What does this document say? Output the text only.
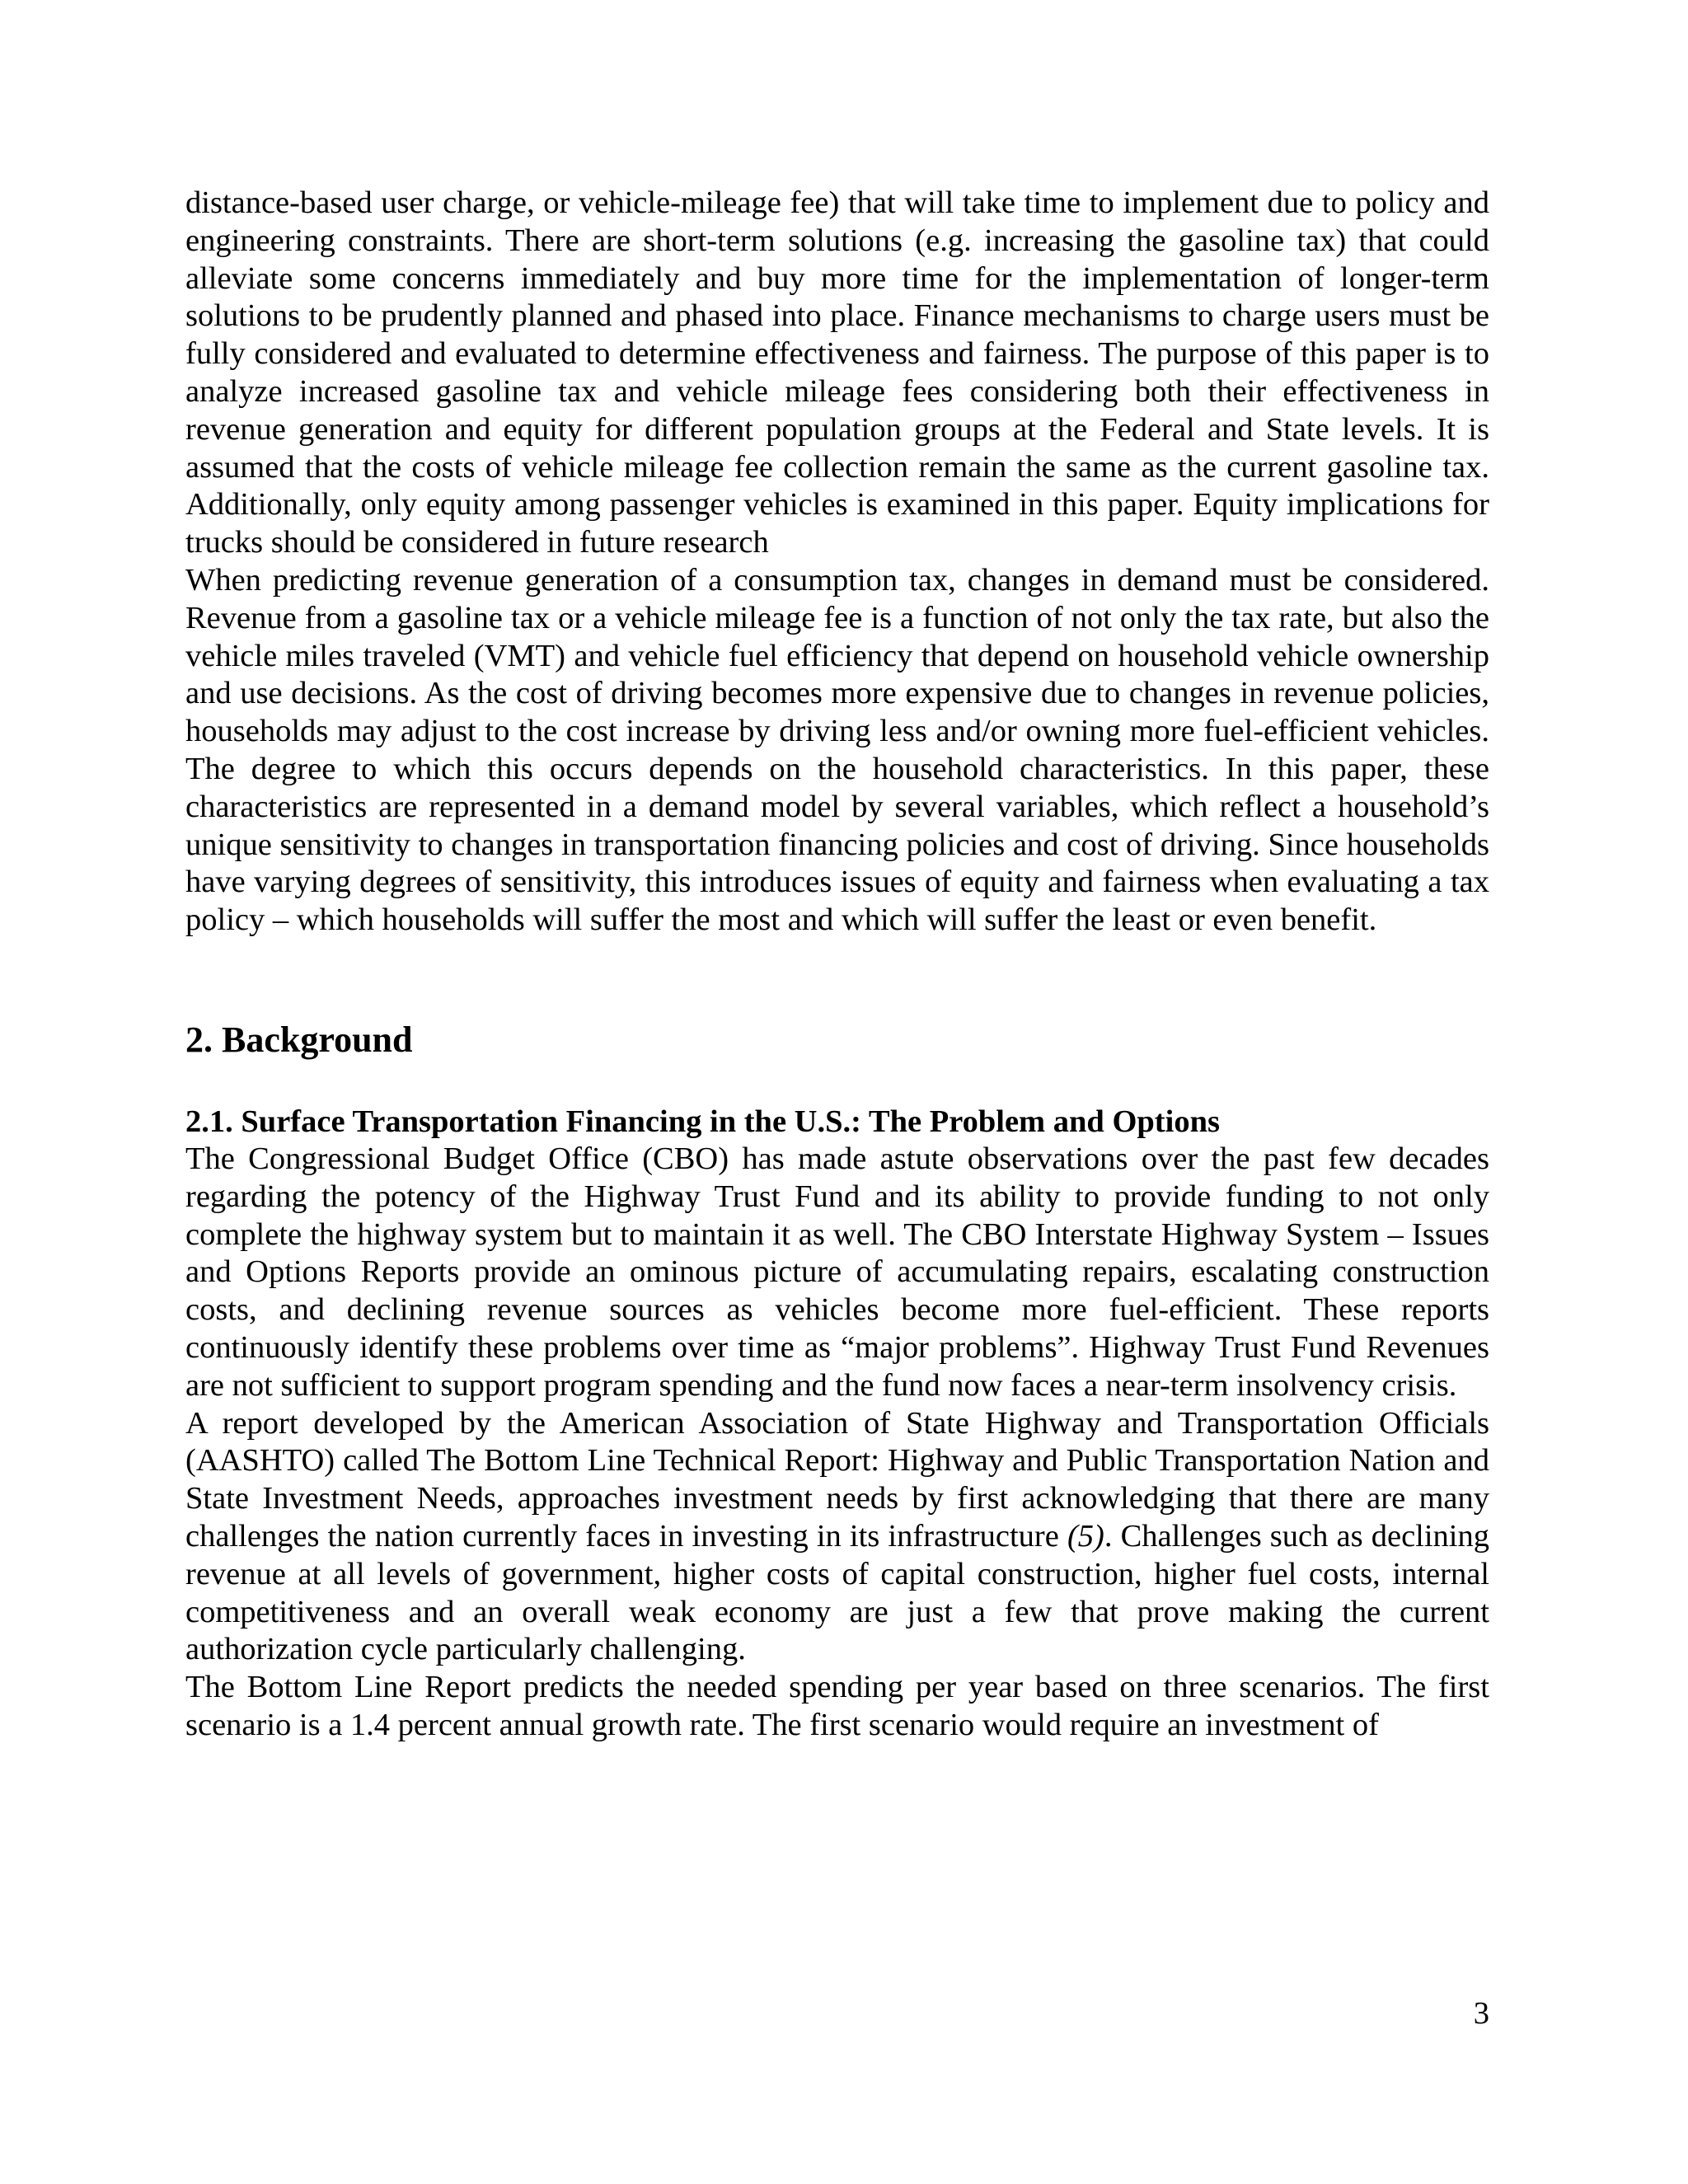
distance-based user charge, or vehicle-mileage fee) that will take time to implement due to policy and engineering constraints. There are short-term solutions (e.g. increasing the gasoline tax) that could alleviate some concerns immediately and buy more time for the implementation of longer-term solutions to be prudently planned and phased into place. Finance mechanisms to charge users must be fully considered and evaluated to determine effectiveness and fairness. The purpose of this paper is to analyze increased gasoline tax and vehicle mileage fees considering both their effectiveness in revenue generation and equity for different population groups at the Federal and State levels. It is assumed that the costs of vehicle mileage fee collection remain the same as the current gasoline tax. Additionally, only equity among passenger vehicles is examined in this paper. Equity implications for trucks should be considered in future research

When predicting revenue generation of a consumption tax, changes in demand must be considered. Revenue from a gasoline tax or a vehicle mileage fee is a function of not only the tax rate, but also the vehicle miles traveled (VMT) and vehicle fuel efficiency that depend on household vehicle ownership and use decisions. As the cost of driving becomes more expensive due to changes in revenue policies, households may adjust to the cost increase by driving less and/or owning more fuel-efficient vehicles. The degree to which this occurs depends on the household characteristics. In this paper, these characteristics are represented in a demand model by several variables, which reflect a household’s unique sensitivity to changes in transportation financing policies and cost of driving. Since households have varying degrees of sensitivity, this introduces issues of equity and fairness when evaluating a tax policy – which households will suffer the most and which will suffer the least or even benefit.

2. Background
2.1. Surface Transportation Financing in the U.S.: The Problem and Options

The Congressional Budget Office (CBO) has made astute observations over the past few decades regarding the potency of the Highway Trust Fund and its ability to provide funding to not only complete the highway system but to maintain it as well. The CBO Interstate Highway System – Issues and Options Reports provide an ominous picture of accumulating repairs, escalating construction costs, and declining revenue sources as vehicles become more fuel-efficient. These reports continuously identify these problems over time as “major problems”. Highway Trust Fund Revenues are not sufficient to support program spending and the fund now faces a near-term insolvency crisis.

A report developed by the American Association of State Highway and Transportation Officials (AASHTO) called The Bottom Line Technical Report: Highway and Public Transportation Nation and State Investment Needs, approaches investment needs by first acknowledging that there are many challenges the nation currently faces in investing in its infrastructure (5). Challenges such as declining revenue at all levels of government, higher costs of capital construction, higher fuel costs, internal competitiveness and an overall weak economy are just a few that prove making the current authorization cycle particularly challenging.

The Bottom Line Report predicts the needed spending per year based on three scenarios. The first scenario is a 1.4 percent annual growth rate. The first scenario would require an investment of

3
